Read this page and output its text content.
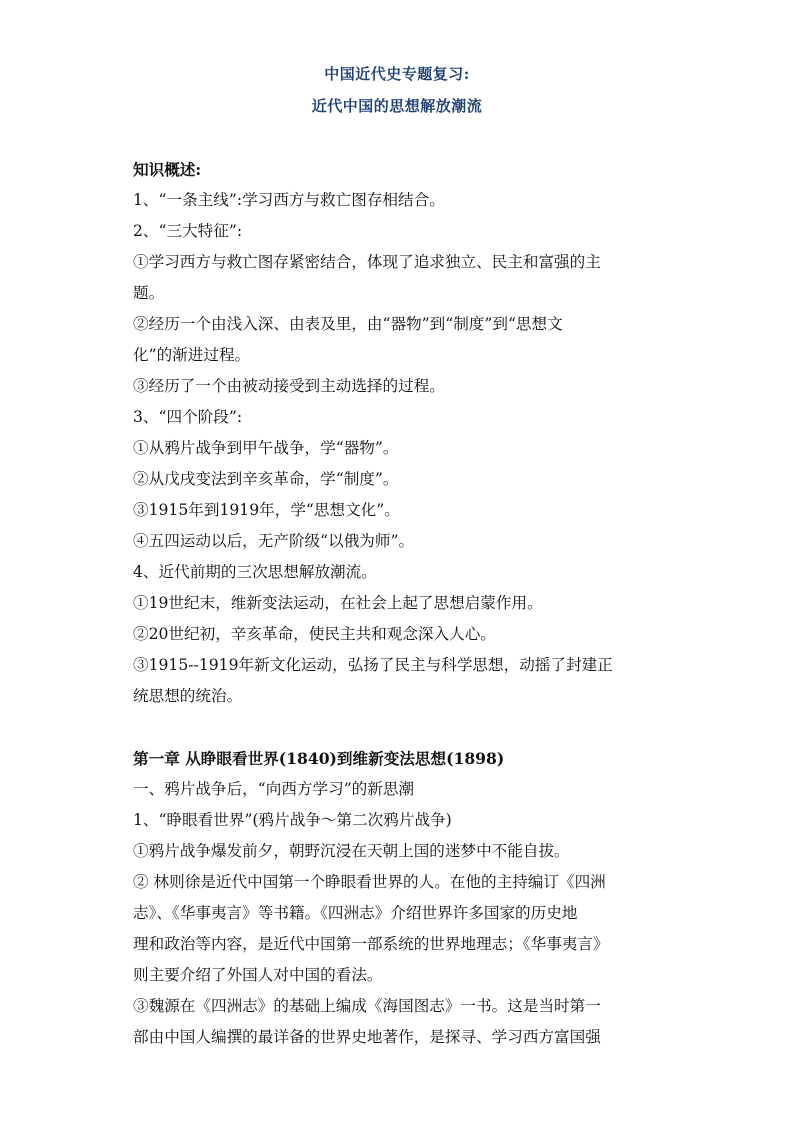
中国近代史专题复习:
近代中国的思想解放潮流
知识概述:
1、“一条主线”:学习西方与救亡图存相结合。
2、“三大特征”:
①学习西方与救亡图存紧密结合，体现了追求独立、民主和富强的主
题。
②经历一个由浅入深、由表及里，由“器物”到“制度”到“思想文
化”的渐进过程。
③经历了一个由被动接受到主动选择的过程。
3、“四个阶段”:
①从鸦片战争到甲午战争，学“器物”。
②从戊戌变法到辛亥革命，学“制度”。
③1915年到1919年，学“思想文化”。
④五四运动以后，无产阶级“以俄为师”。
4、近代前期的三次思想解放潮流。
①19世纪末，维新变法运动，在社会上起了思想启蒙作用。
②20世纪初，辛亥革命，使民主共和观念深入人心。
③1915--1919年新文化运动，弘扬了民主与科学思想，动摇了封建正
统思想的统治。
第一章 从睁眼看世界(1840)到维新变法思想(1898)
一、鸦片战争后，“向西方学习”的新思潮
1、“睁眼看世界”(鸦片战争～第二次鸦片战争)
①鸦片战争爆发前夕，朝野沉浸在天朝上国的迷梦中不能自拔。
② 林则徐是近代中国第一个睁眼看世界的人。在他的主持编订《四洲
志》、《华事夷言》等书籍。《四洲志》介绍世界许多国家的历史地
理和政治等内容，是近代中国第一部系统的世界地理志；《华事夷言》
则主要介绍了外国人对中国的看法。
③魏源在《四洲志》的基础上编成《海国图志》一书。这是当时第一
部由中国人编撰的最详备的世界史地著作，是探寻、学习西方富国强
